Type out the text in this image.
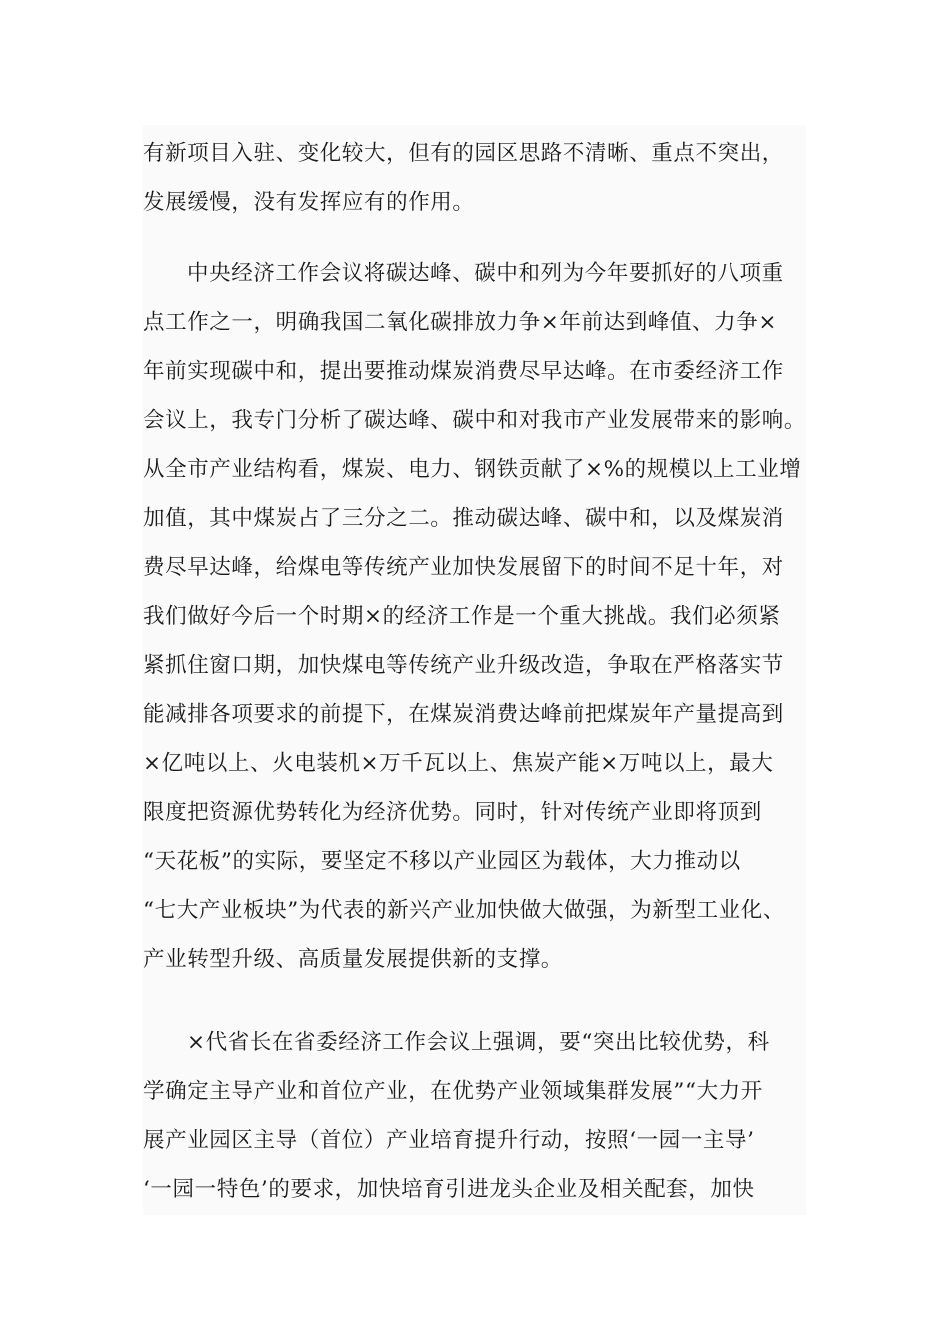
有新项目入驻、变化较大，但有的园区思路不清晰、重点不突出，
发展缓慢，没有发挥应有的作用。
中央经济工作会议将碳达峰、碳中和列为今年要抓好的八项重
点工作之一，明确我国二氧化碳排放力争×年前达到峰值、力争×
年前实现碳中和，提出要推动煤炭消费尽早达峰。在市委经济工作
会议上，我专门分析了碳达峰、碳中和对我市产业发展带来的影响。
从全市产业结构看，煤炭、电力、钢铁贡献了×%的规模以上工业增
加值，其中煤炭占了三分之二。推动碳达峰、碳中和，以及煤炭消
费尽早达峰，给煤电等传统产业加快发展留下的时间不足十年，对
我们做好今后一个时期×的经济工作是一个重大挑战。我们必须紧
紧抓住窗口期，加快煤电等传统产业升级改造，争取在严格落实节
能减排各项要求的前提下，在煤炭消费达峰前把煤炭年产量提高到
×亿吨以上、火电装机×万千瓦以上、焦炭产能×万吨以上，最大
限度把资源优势转化为经济优势。同时，针对传统产业即将顶到
“天花板”的实际，要坚定不移以产业园区为载体，大力推动以
“七大产业板块”为代表的新兴产业加快做大做强，为新型工业化、
产业转型升级、高质量发展提供新的支撑。
×代省长在省委经济工作会议上强调，要“突出比较优势，科
学确定主导产业和首位产业，在优势产业领域集群发展”“大力开
展产业园区主导（首位）产业培育提升行动，按照‘一园一主导’
‘一园一特色’的要求，加快培育引进龙头企业及相关配套，加快
